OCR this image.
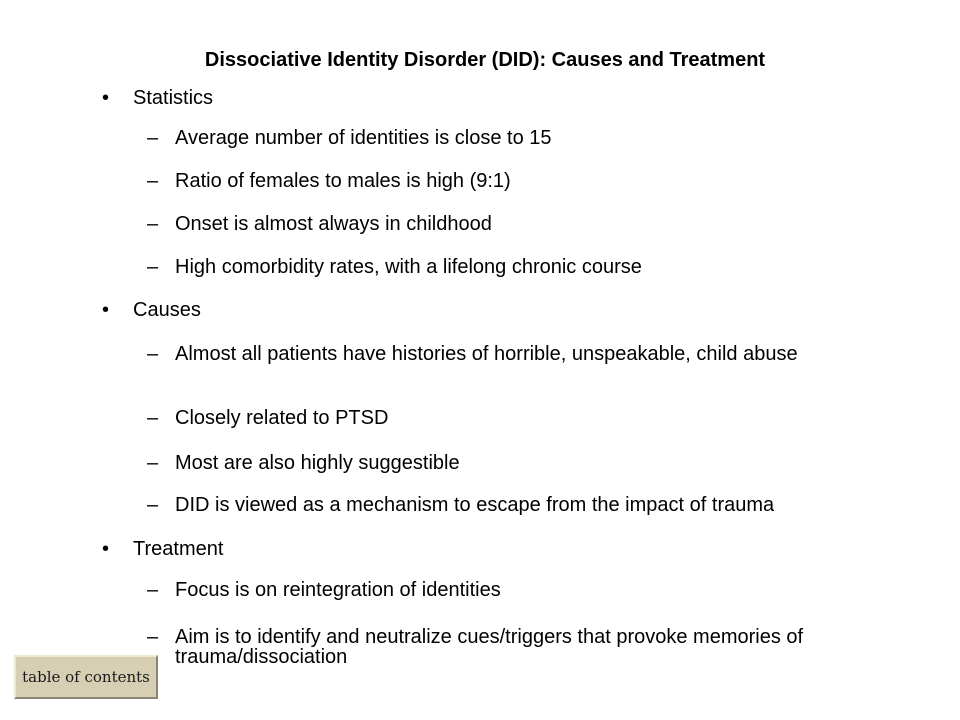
Dissociative Identity Disorder (DID): Causes and Treatment
• Statistics
– Average number of identities is close to 15
– Ratio of females to males is high (9:1)
– Onset is almost always in childhood
– High comorbidity rates, with a lifelong chronic course
• Causes
– Almost all patients have histories of horrible, unspeakable, child abuse
– Closely related to PTSD
– Most are also highly suggestible
– DID is viewed as a mechanism to escape from the impact of trauma
• Treatment
– Focus is on reintegration of identities
– Aim is to identify and neutralize cues/triggers that provoke memories of trauma/dissociation
table of contents
